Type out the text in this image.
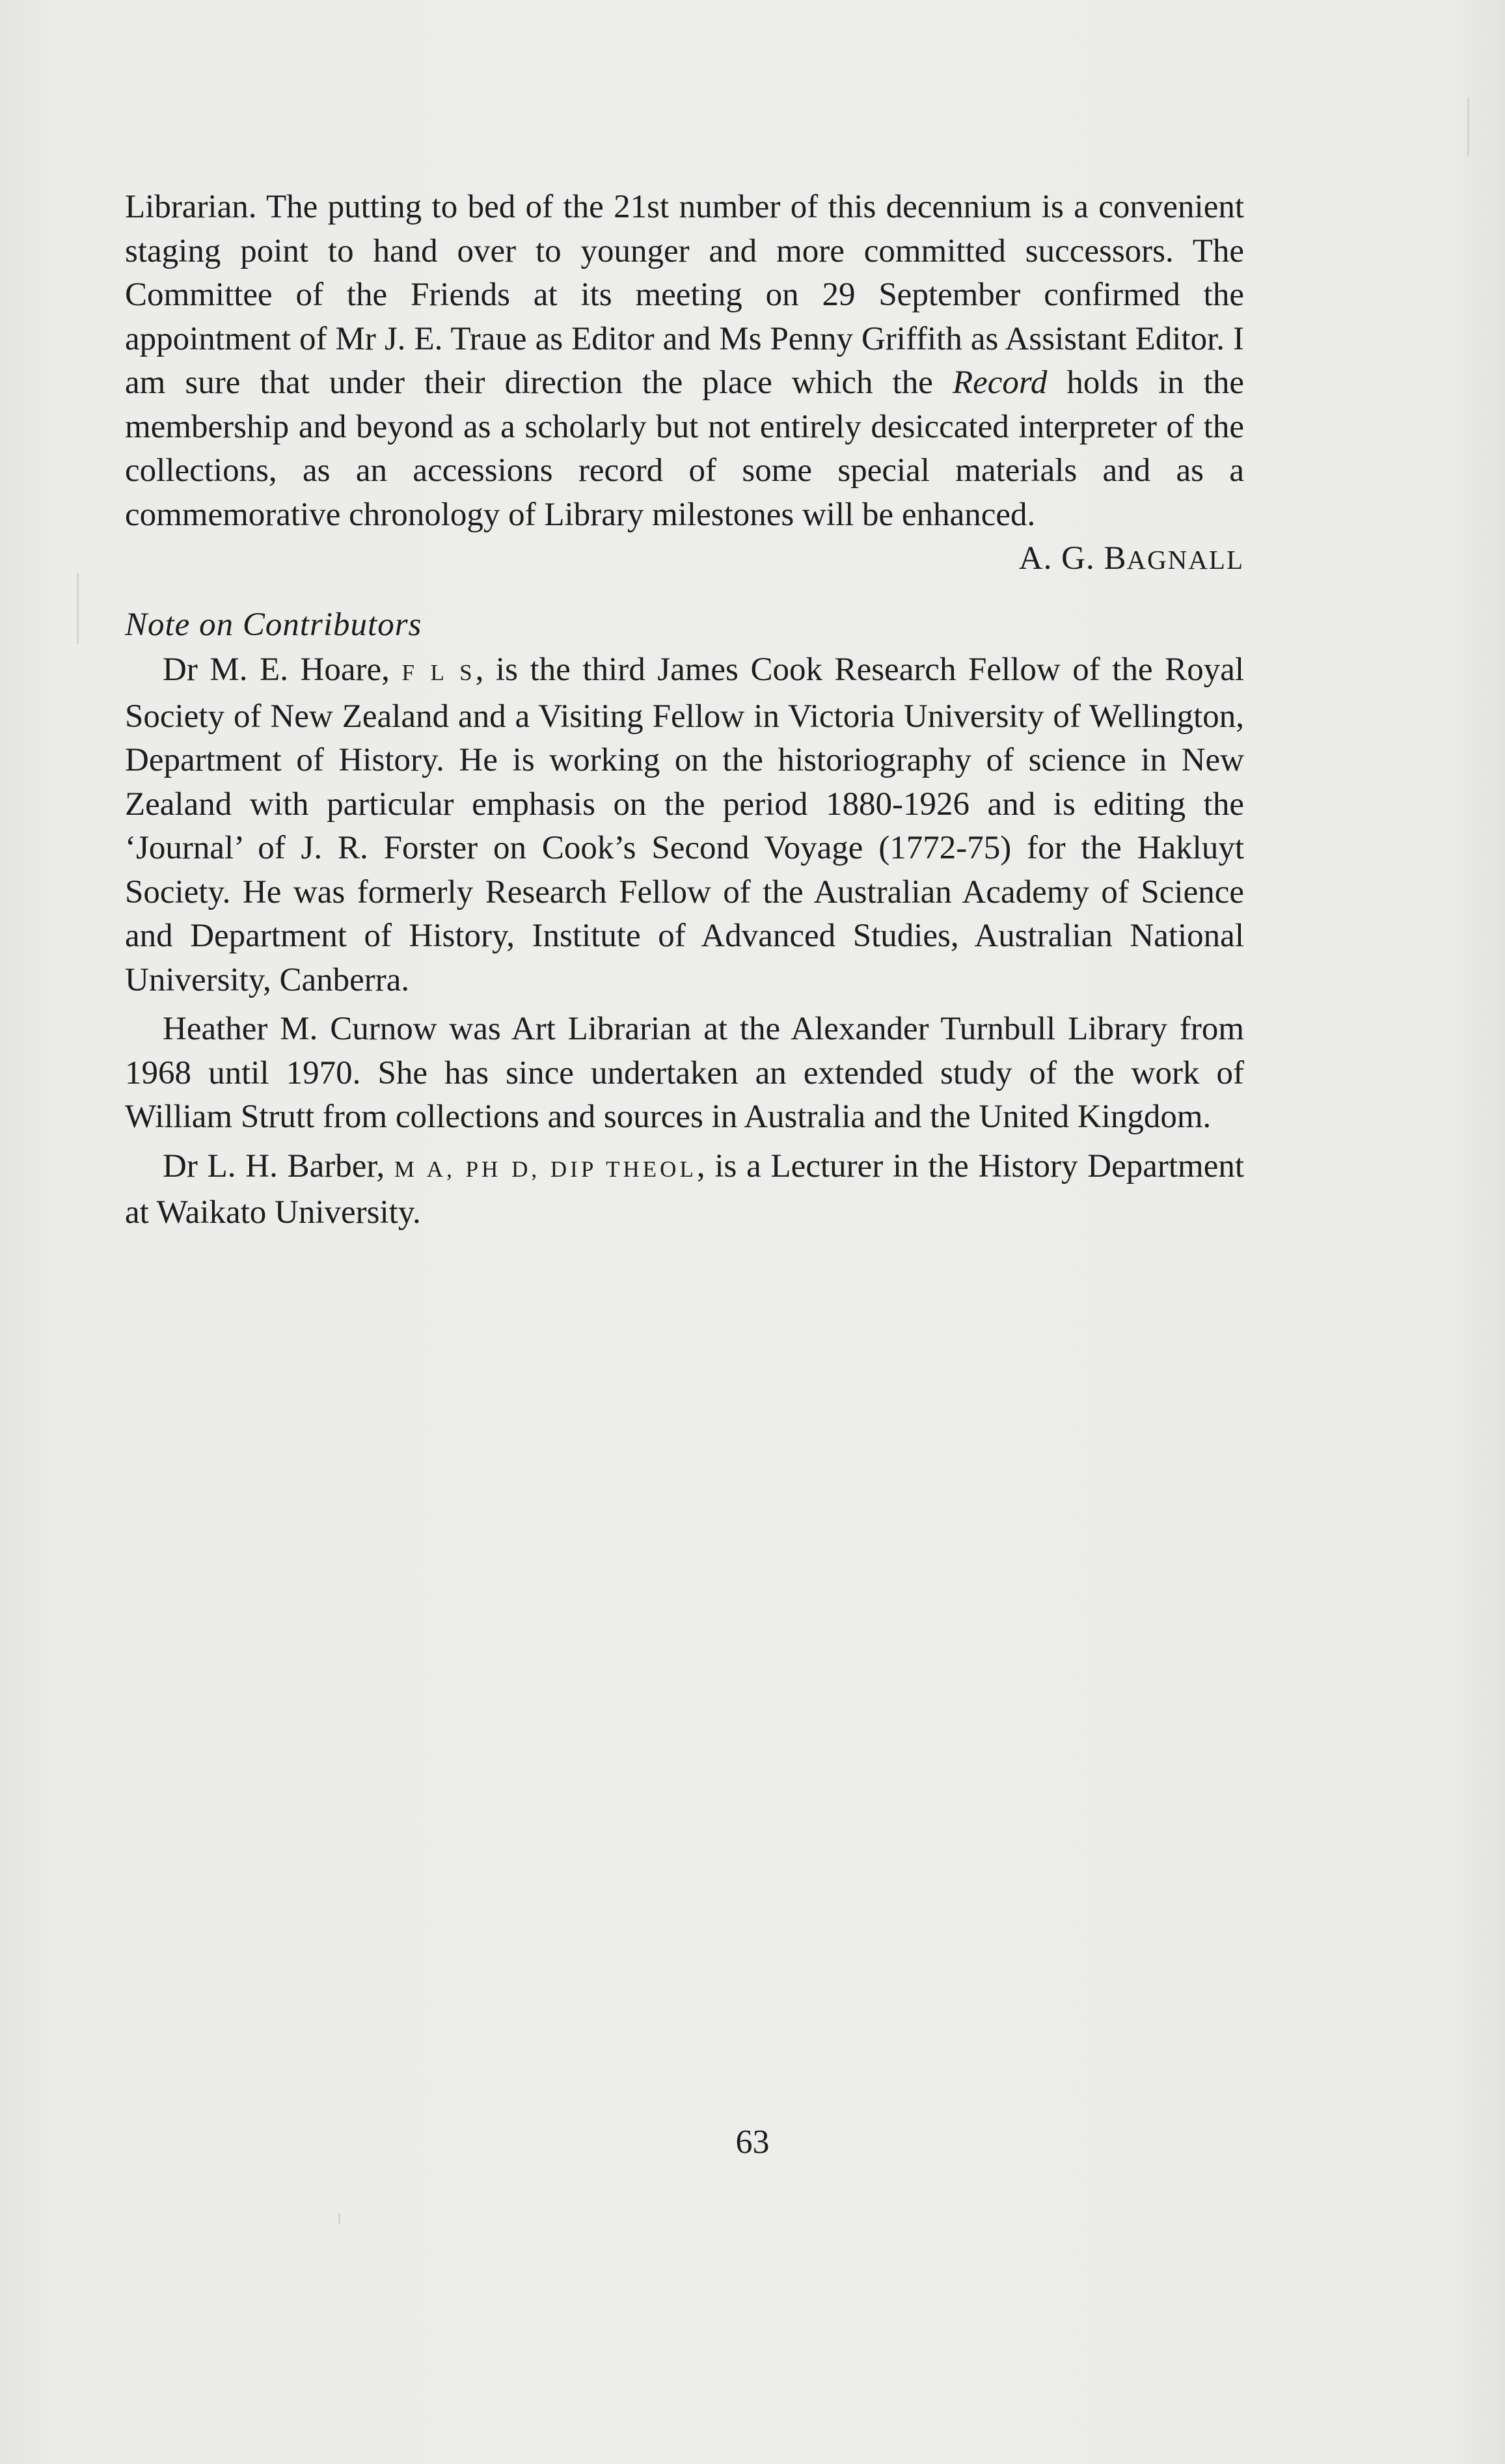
Librarian. The putting to bed of the 21st number of this decennium is a convenient staging point to hand over to younger and more committed successors. The Committee of the Friends at its meeting on 29 September confirmed the appointment of Mr J. E. Traue as Editor and Ms Penny Griffith as Assistant Editor. I am sure that under their direction the place which the Record holds in the membership and beyond as a scholarly but not entirely desiccated interpreter of the collections, as an accessions record of some special materials and as a commemorative chronology of Library milestones will be enhanced.

A. G. BAGNALL

Note on Contributors

Dr M. E. Hoare, F L S, is the third James Cook Research Fellow of the Royal Society of New Zealand and a Visiting Fellow in Victoria University of Wellington, Department of History. He is working on the historiography of science in New Zealand with particular emphasis on the period 1880-1926 and is editing the ‘Journal’ of J. R. Forster on Cook’s Second Voyage (1772-75) for the Hakluyt Society. He was formerly Research Fellow of the Australian Academy of Science and Department of History, Institute of Advanced Studies, Australian National University, Canberra.

Heather M. Curnow was Art Librarian at the Alexander Turnbull Library from 1968 until 1970. She has since undertaken an extended study of the work of William Strutt from collections and sources in Australia and the United Kingdom.

Dr L. H. Barber, M A, PH D, DIP THEOL, is a Lecturer in the History Department at Waikato University.

63
